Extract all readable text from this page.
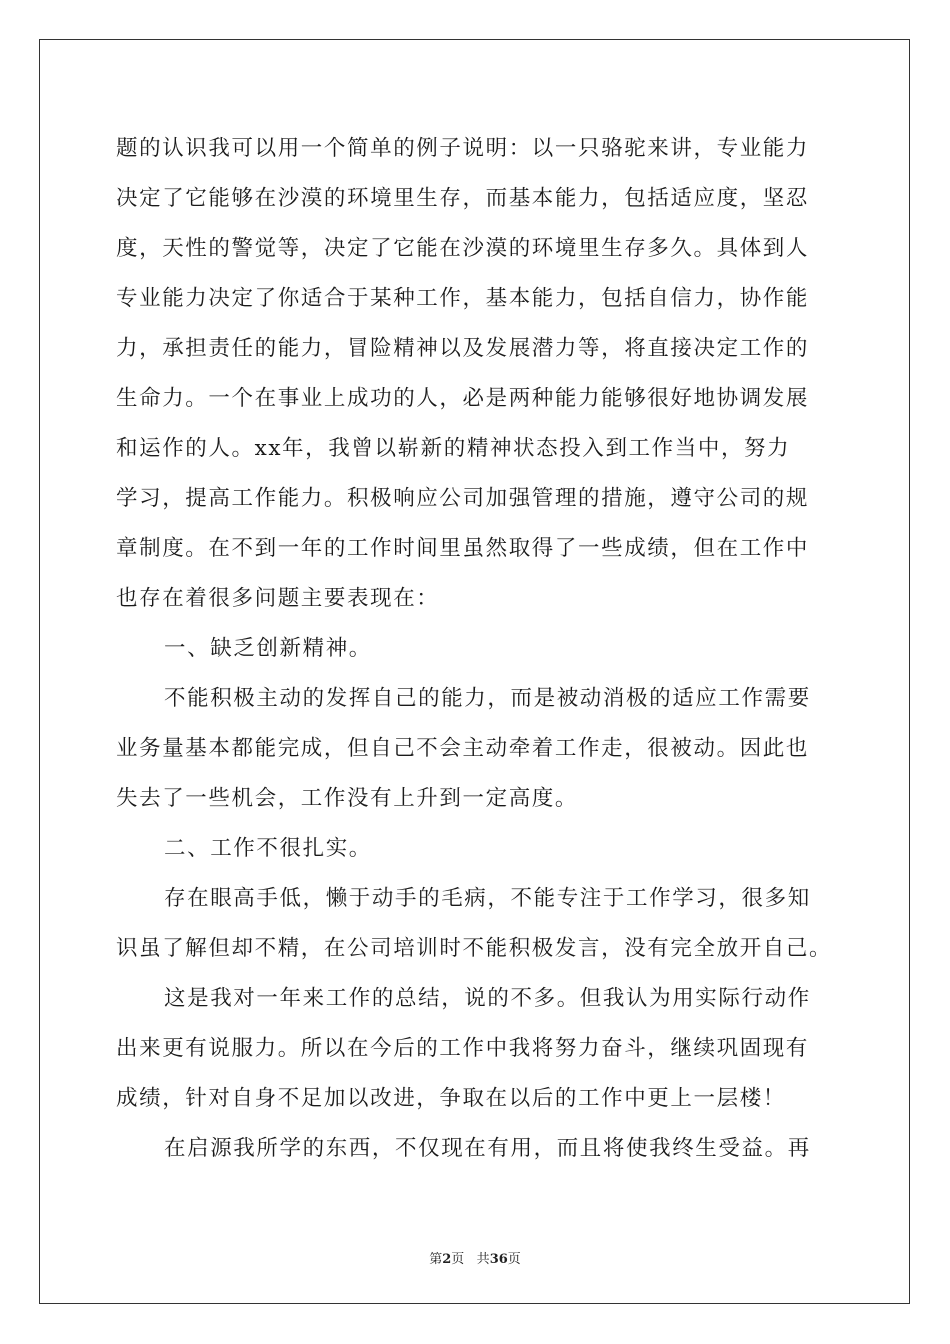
题的认识我可以用一个简单的例子说明：以一只骆驼来讲，专业能力
决定了它能够在沙漠的环境里生存，而基本能力，包括适应度，坚忍
度，天性的警觉等，决定了它能在沙漠的环境里生存多久。具体到人
专业能力决定了你适合于某种工作，基本能力，包括自信力，协作能
力，承担责任的能力，冒险精神以及发展潜力等，将直接决定工作的
生命力。一个在事业上成功的人，必是两种能力能够很好地协调发展
和运作的人。xx年，我曾以崭新的精神状态投入到工作当中，努力
学习，提高工作能力。积极响应公司加强管理的措施，遵守公司的规
章制度。在不到一年的工作时间里虽然取得了一些成绩，但在工作中
也存在着很多问题主要表现在：
一、缺乏创新精神。
不能积极主动的发挥自己的能力，而是被动消极的适应工作需要
业务量基本都能完成，但自己不会主动牵着工作走，很被动。因此也
失去了一些机会，工作没有上升到一定高度。
二、工作不很扎实。
存在眼高手低，懒于动手的毛病，不能专注于工作学习，很多知
识虽了解但却不精，在公司培训时不能积极发言，没有完全放开自己。
这是我对一年来工作的总结，说的不多。但我认为用实际行动作
出来更有说服力。所以在今后的工作中我将努力奋斗，继续巩固现有
成绩，针对自身不足加以改进，争取在以后的工作中更上一层楼！
在启源我所学的东西，不仅现在有用，而且将使我终生受益。再
第2页 共36页
